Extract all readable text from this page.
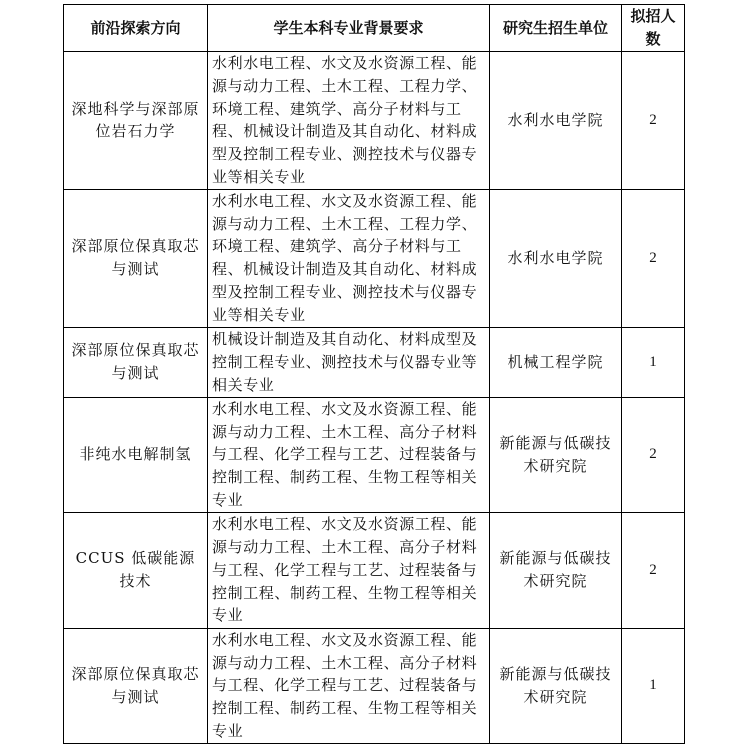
前沿探索方向	学生本科专业背景要求	研究生招生单位	拟招人数
深地科学与深部原位岩石力学	水利水电工程、水文及水资源工程、能源与动力工程、土木工程、工程力学、环境工程、建筑学、高分子材料与工程、机械设计制造及其自动化、材料成型及控制工程专业、测控技术与仪器专业等相关专业	水利水电学院	2
深部原位保真取芯与测试	水利水电工程、水文及水资源工程、能源与动力工程、土木工程、工程力学、环境工程、建筑学、高分子材料与工程、机械设计制造及其自动化、材料成型及控制工程专业、测控技术与仪器专业等相关专业	水利水电学院	2
深部原位保真取芯与测试	机械设计制造及其自动化、材料成型及控制工程专业、测控技术与仪器专业等相关专业	机械工程学院	1
非纯水电解制氢	水利水电工程、水文及水资源工程、能源与动力工程、土木工程、高分子材料与工程、化学工程与工艺、过程装备与控制工程、制药工程、生物工程等相关专业	新能源与低碳技术研究院	2
CCUS 低碳能源技术	水利水电工程、水文及水资源工程、能源与动力工程、土木工程、高分子材料与工程、化学工程与工艺、过程装备与控制工程、制药工程、生物工程等相关专业	新能源与低碳技术研究院	2
深部原位保真取芯与测试	水利水电工程、水文及水资源工程、能源与动力工程、土木工程、高分子材料与工程、化学工程与工艺、过程装备与控制工程、制药工程、生物工程等相关专业	新能源与低碳技术研究院	1
